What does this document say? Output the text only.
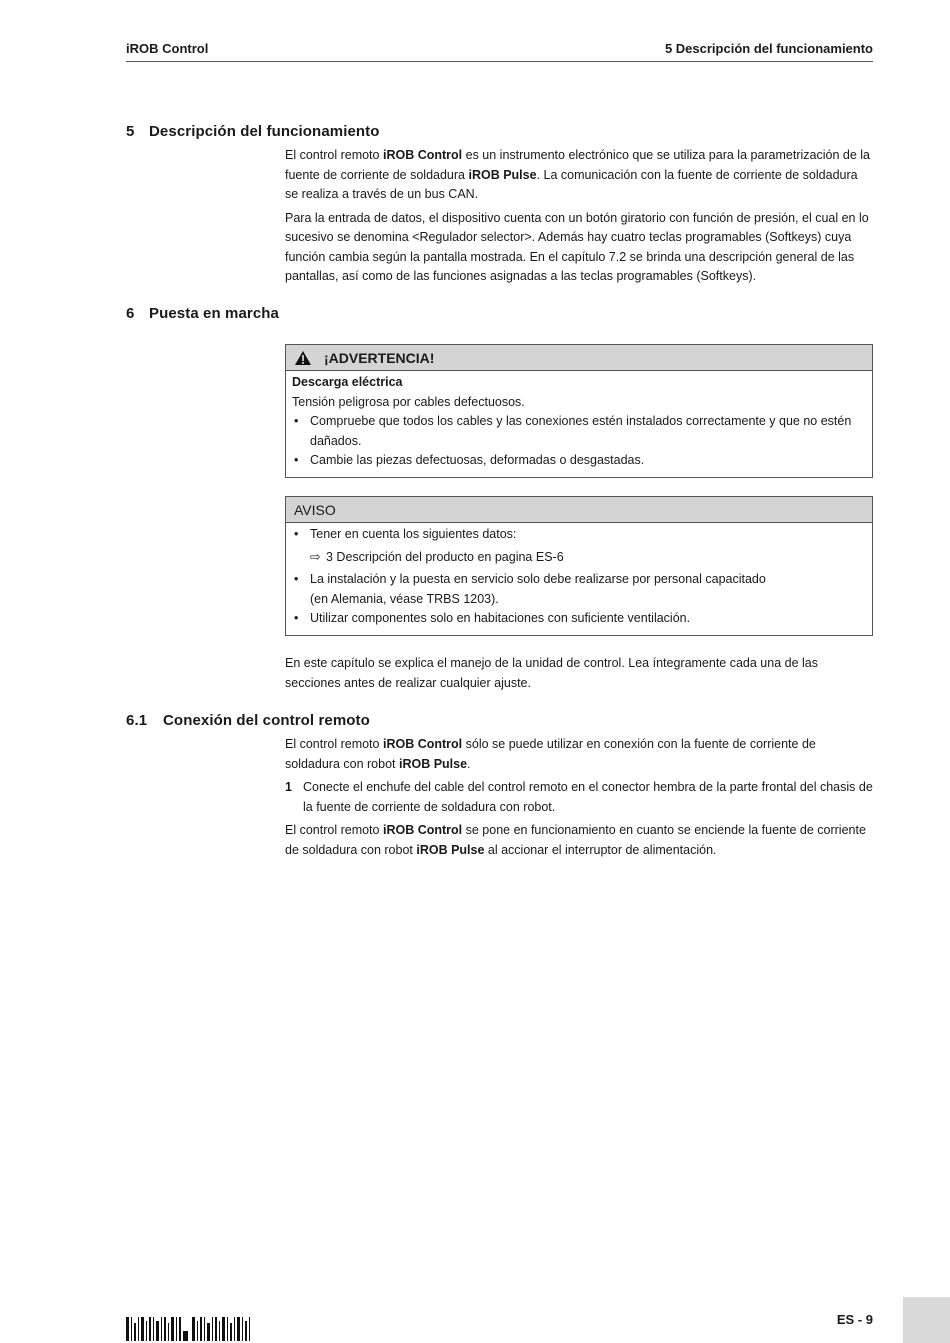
iROB Control	5 Descripción del funcionamiento
5 Descripción del funcionamiento

El control remoto iROB Control es un instrumento electrónico que se utiliza para la parametrización de la fuente de corriente de soldadura iROB Pulse. La comunicación con la fuente de corriente de soldadura se realiza a través de un bus CAN.

Para la entrada de datos, el dispositivo cuenta con un botón giratorio con función de presión, el cual en lo sucesivo se denomina <Regulador selector>. Además hay cuatro teclas programables (Softkeys) cuya función cambia según la pantalla mostrada. En el capítulo 7.2 se brinda una descripción general de las pantallas, así como de las funciones asignadas a las teclas programables (Softkeys).

6 Puesta en marcha
¡ADVERTENCIA!
Descarga eléctrica
Tensión peligrosa por cables defectuosos.
• Compruebe que todos los cables y las conexiones estén instalados correctamente y que no estén dañados.
• Cambie las piezas defectuosas, deformadas o desgastadas.
AVISO
• Tener en cuenta los siguientes datos:
⇨ 3 Descripción del producto en pagina ES-6
• La instalación y la puesta en servicio solo debe realizarse por personal capacitado
(en Alemania, véase TRBS 1203).
• Utilizar componentes solo en habitaciones con suficiente ventilación.

En este capítulo se explica el manejo de la unidad de control. Lea íntegramente cada una de las secciones antes de realizar cualquier ajuste.

6.1 Conexión del control remoto

El control remoto iROB Control sólo se puede utilizar en conexión con la fuente de corriente de soldadura con robot iROB Pulse.

1 Conecte el enchufe del cable del control remoto en el conector hembra de la parte frontal del chasis de la fuente de corriente de soldadura con robot.

El control remoto iROB Control se pone en funcionamiento en cuanto se enciende la fuente de corriente de soldadura con robot iROB Pulse al accionar el interruptor de alimentación.

ES - 9
